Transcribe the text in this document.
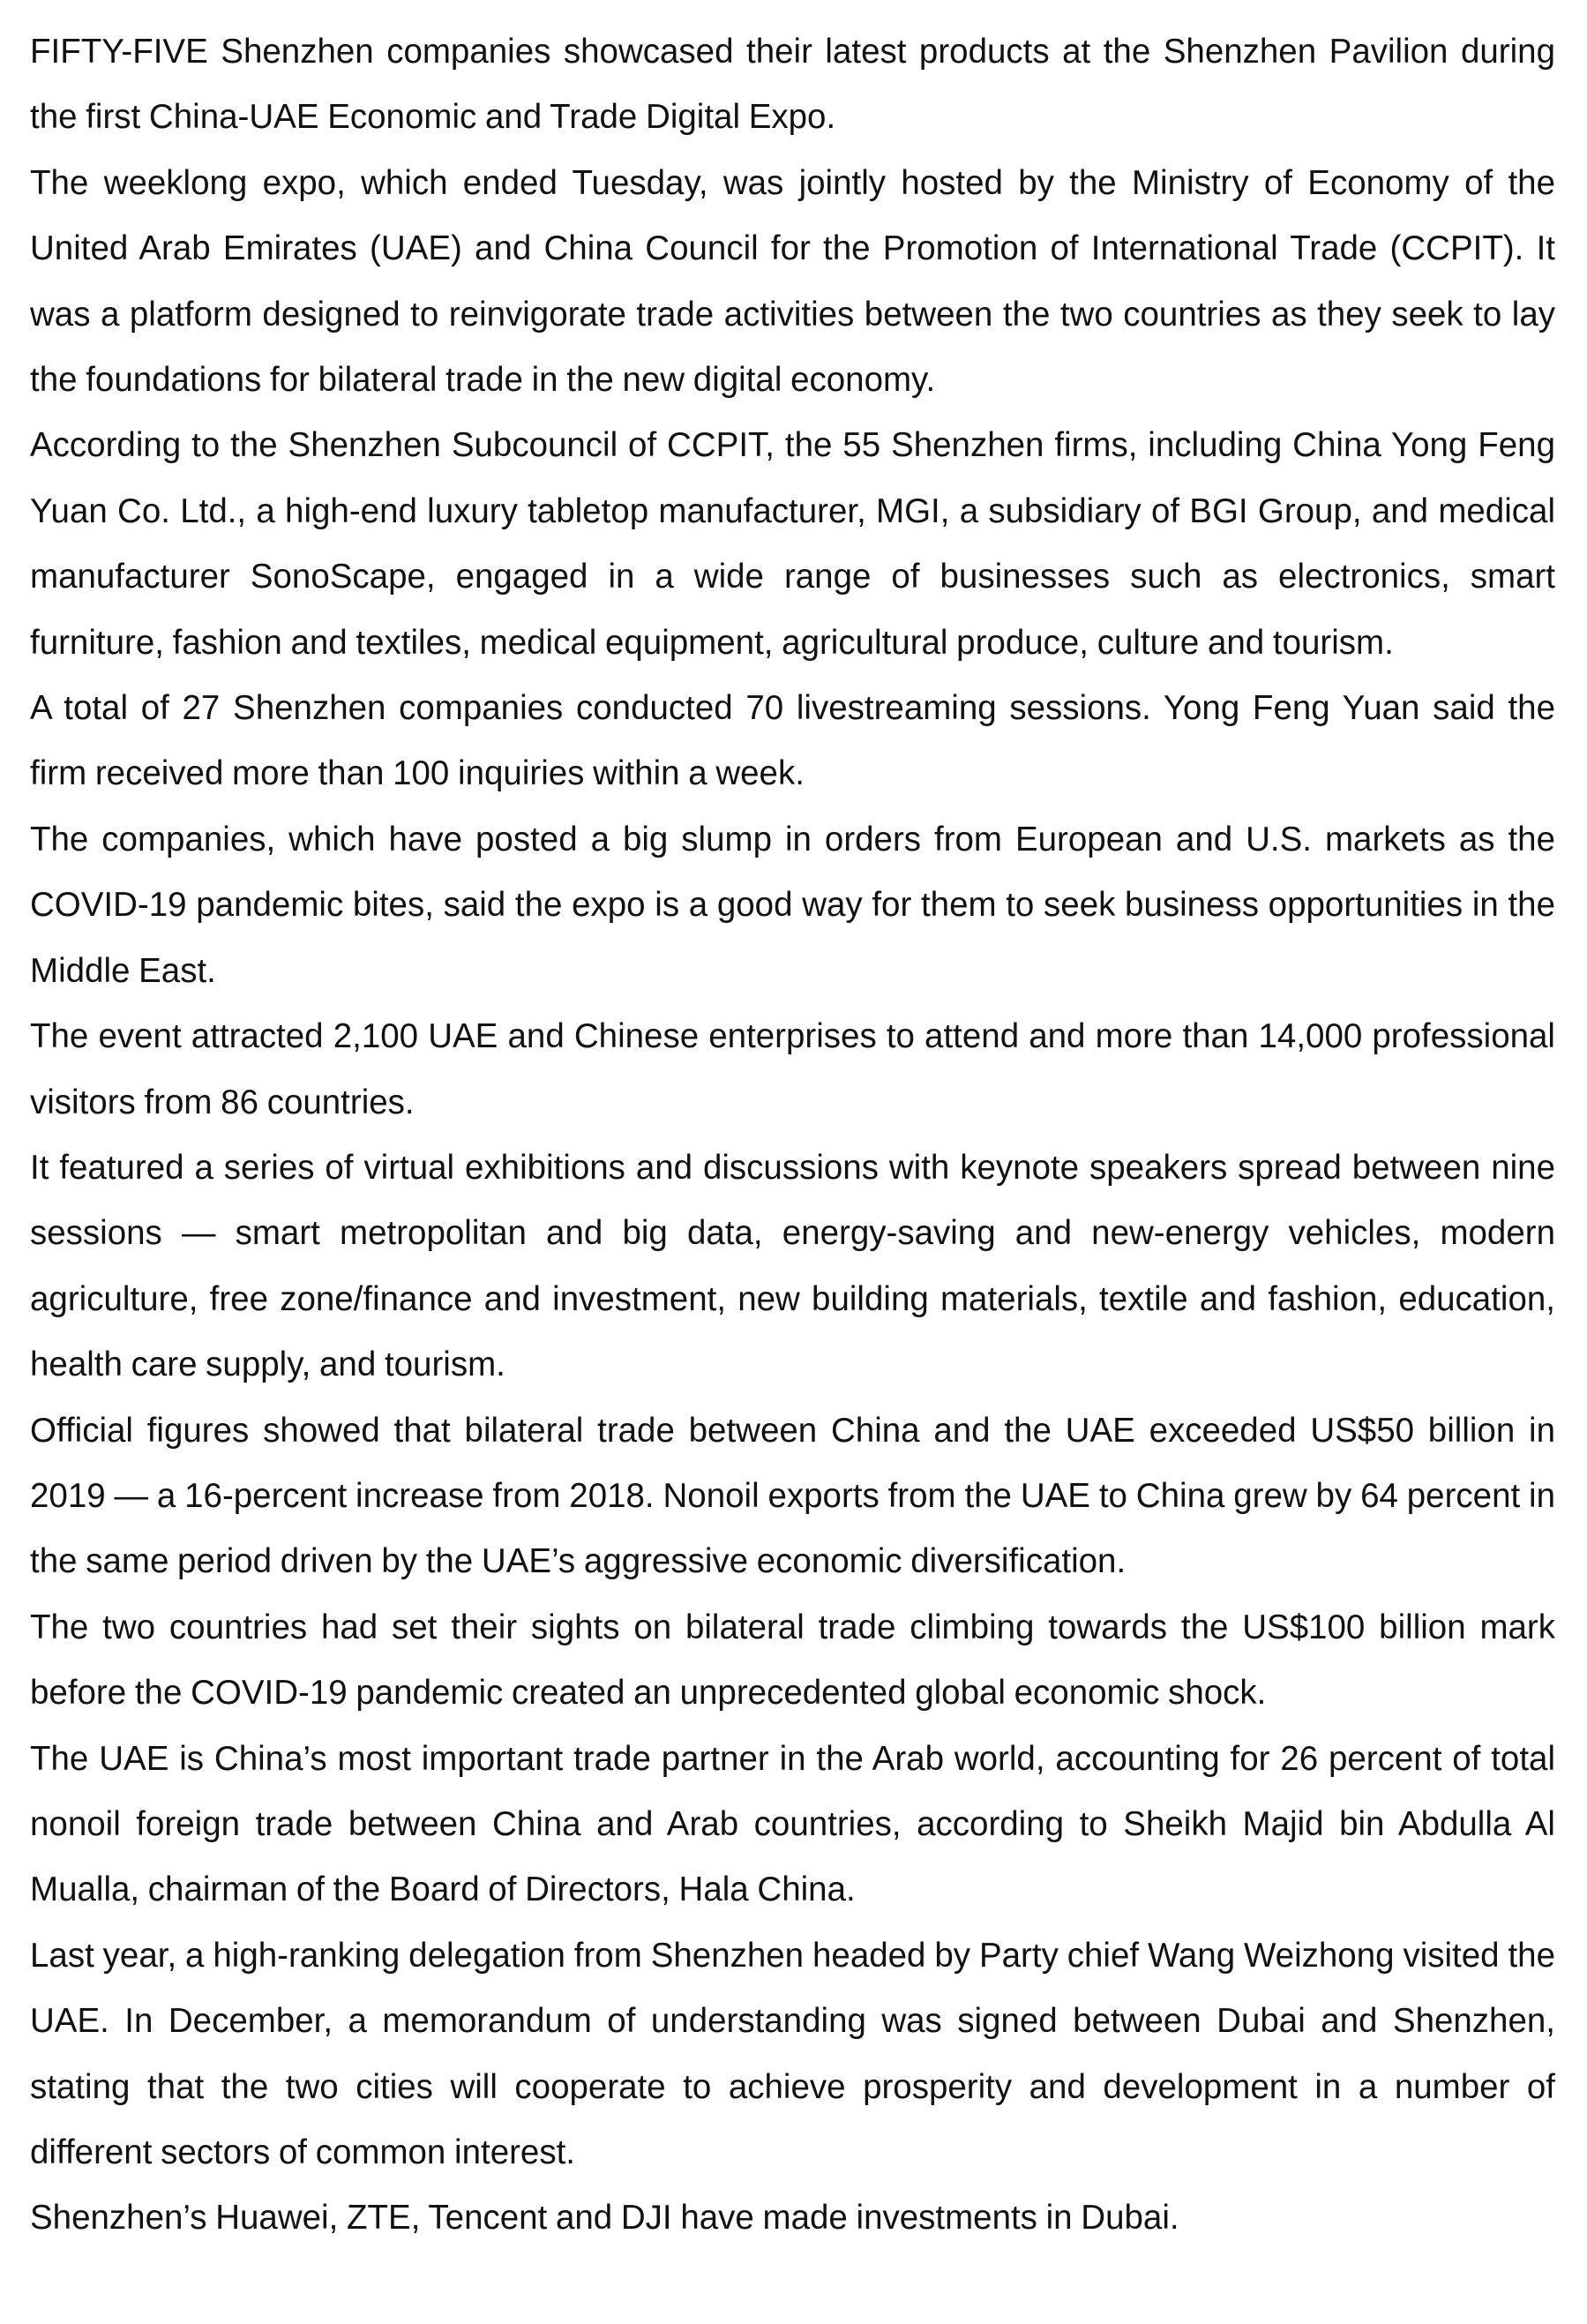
FIFTY-FIVE Shenzhen companies showcased their latest products at the Shenzhen Pavilion during the first China-UAE Economic and Trade Digital Expo.

The weeklong expo, which ended Tuesday, was jointly hosted by the Ministry of Economy of the United Arab Emirates (UAE) and China Council for the Promotion of International Trade (CCPIT). It was a platform designed to reinvigorate trade activities between the two countries as they seek to lay the foundations for bilateral trade in the new digital economy.

According to the Shenzhen Subcouncil of CCPIT, the 55 Shenzhen firms, including China Yong Feng Yuan Co. Ltd., a high-end luxury tabletop manufacturer, MGI, a subsidiary of BGI Group, and medical manufacturer SonoScape, engaged in a wide range of businesses such as electronics, smart furniture, fashion and textiles, medical equipment, agricultural produce, culture and tourism.

A total of 27 Shenzhen companies conducted 70 livestreaming sessions. Yong Feng Yuan said the firm received more than 100 inquiries within a week.

The companies, which have posted a big slump in orders from European and U.S. markets as the COVID-19 pandemic bites, said the expo is a good way for them to seek business opportunities in the Middle East.

The event attracted 2,100 UAE and Chinese enterprises to attend and more than 14,000 professional visitors from 86 countries.

It featured a series of virtual exhibitions and discussions with keynote speakers spread between nine sessions — smart metropolitan and big data, energy-saving and new-energy vehicles, modern agriculture, free zone/finance and investment, new building materials, textile and fashion, education, health care supply, and tourism.

Official figures showed that bilateral trade between China and the UAE exceeded US$50 billion in 2019 — a 16-percent increase from 2018. Nonoil exports from the UAE to China grew by 64 percent in the same period driven by the UAE’s aggressive economic diversification.

The two countries had set their sights on bilateral trade climbing towards the US$100 billion mark before the COVID-19 pandemic created an unprecedented global economic shock.

The UAE is China’s most important trade partner in the Arab world, accounting for 26 percent of total nonoil foreign trade between China and Arab countries, according to Sheikh Majid bin Abdulla Al Mualla, chairman of the Board of Directors, Hala China.

Last year, a high-ranking delegation from Shenzhen headed by Party chief Wang Weizhong visited the UAE. In December, a memorandum of understanding was signed between Dubai and Shenzhen, stating that the two cities will cooperate to achieve prosperity and development in a number of different sectors of common interest.

Shenzhen’s Huawei, ZTE, Tencent and DJI have made investments in Dubai.
